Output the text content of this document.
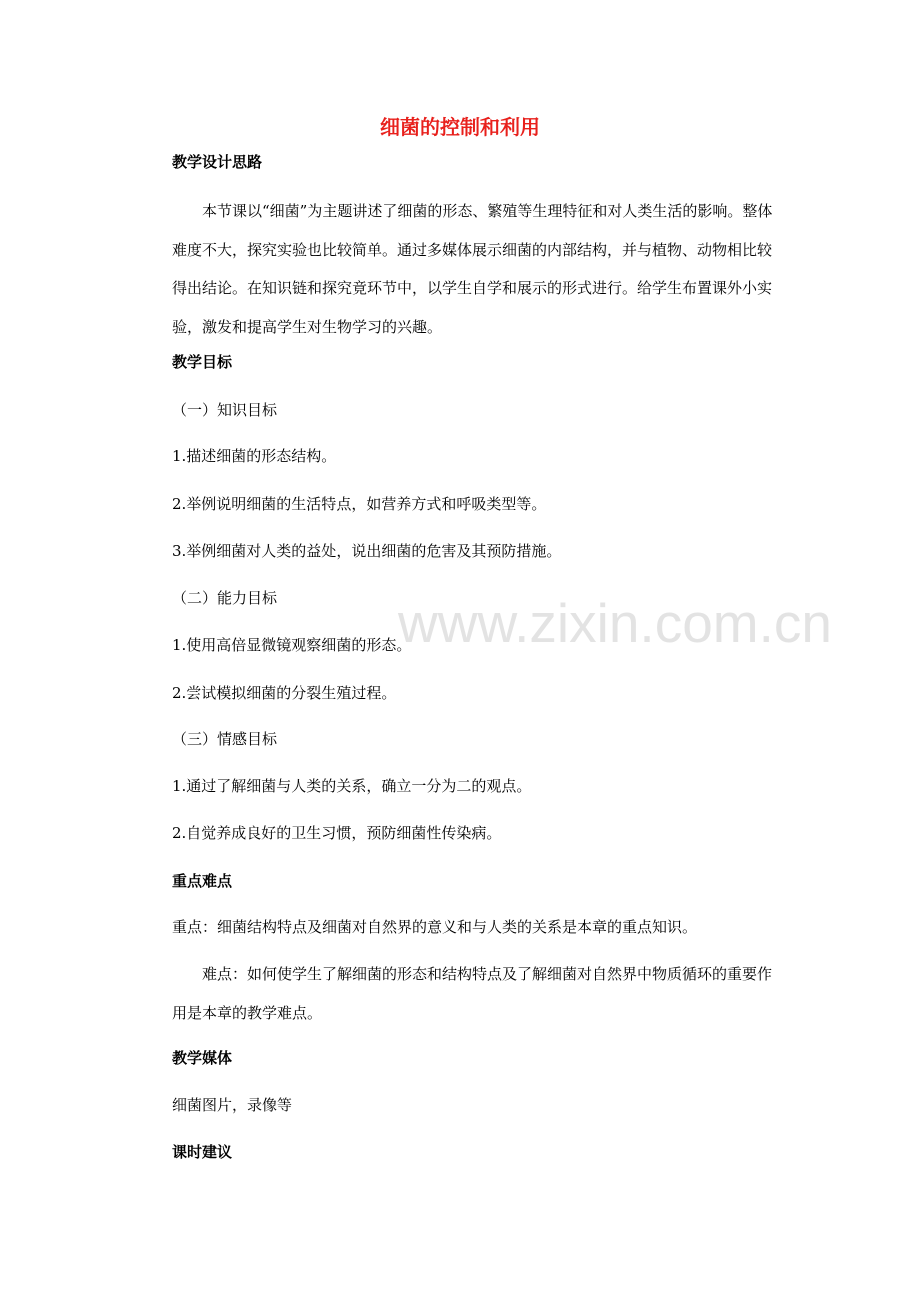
www.zixin.com.cn
细菌的控制和利用
教学设计思路
本节课以“细菌”为主题讲述了细菌的形态、繁殖等生理特征和对人类生活的影响。整体难度不大，探究实验也比较简单。通过多媒体展示细菌的内部结构，并与植物、动物相比较得出结论。在知识链和探究竟环节中，以学生自学和展示的形式进行。给学生布置课外小实验，激发和提高学生对生物学习的兴趣。
教学目标
（一）知识目标
1.描述细菌的形态结构。
2.举例说明细菌的生活特点，如营养方式和呼吸类型等。
3.举例细菌对人类的益处，说出细菌的危害及其预防措施。
（二）能力目标
1.使用高倍显微镜观察细菌的形态。
2.尝试模拟细菌的分裂生殖过程。
（三）情感目标
1.通过了解细菌与人类的关系，确立一分为二的观点。
2.自觉养成良好的卫生习惯，预防细菌性传染病。
重点难点
重点：细菌结构特点及细菌对自然界的意义和与人类的关系是本章的重点知识。
难点：如何使学生了解细菌的形态和结构特点及了解细菌对自然界中物质循环的重要作用是本章的教学难点。
教学媒体
细菌图片，录像等
课时建议
